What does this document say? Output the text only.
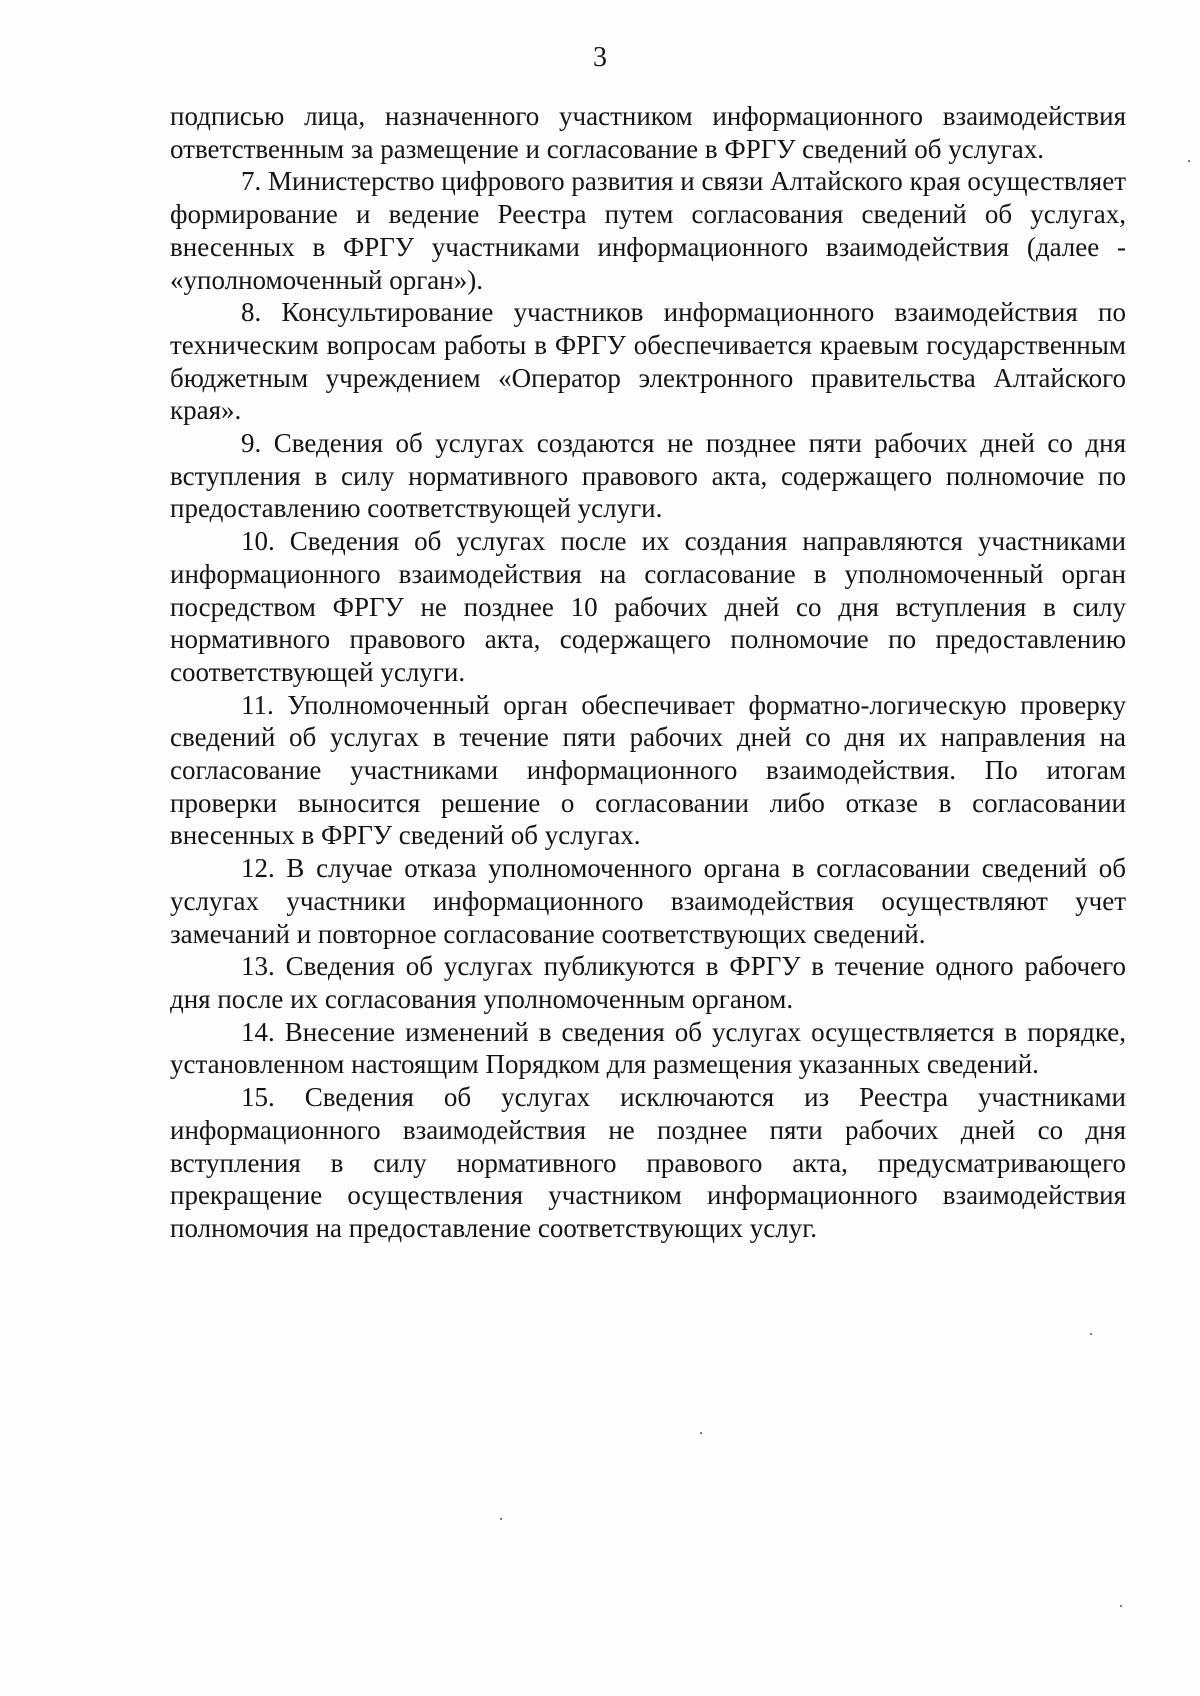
3

подписью лица, назначенного участником информационного взаимодействия ответственным за размещение и согласование в ФРГУ сведений об услугах.

7. Министерство цифрового развития и связи Алтайского края осуществляет формирование и ведение Реестра путем согласования сведений об услугах, внесенных в ФРГУ участниками информационного взаимодействия (далее - «уполномоченный орган»).

8. Консультирование участников информационного взаимодействия по техническим вопросам работы в ФРГУ обеспечивается краевым государственным бюджетным учреждением «Оператор электронного правительства Алтайского края».

9. Сведения об услугах создаются не позднее пяти рабочих дней со дня вступления в силу нормативного правового акта, содержащего полномочие по предоставлению соответствующей услуги.

10. Сведения об услугах после их создания направляются участниками информационного взаимодействия на согласование в уполномоченный орган посредством ФРГУ не позднее 10 рабочих дней со дня вступления в силу нормативного правового акта, содержащего полномочие по предоставлению соответствующей услуги.

11. Уполномоченный орган обеспечивает форматно-логическую проверку сведений об услугах в течение пяти рабочих дней со дня их направления на согласование участниками информационного взаимодействия. По итогам проверки выносится решение о согласовании либо отказе в согласовании внесенных в ФРГУ сведений об услугах.

12. В случае отказа уполномоченного органа в согласовании сведений об услугах участники информационного взаимодействия осуществляют учет замечаний и повторное согласование соответствующих сведений.

13. Сведения об услугах публикуются в ФРГУ в течение одного рабочего дня после их согласования уполномоченным органом.

14. Внесение изменений в сведения об услугах осуществляется в порядке, установленном настоящим Порядком для размещения указанных сведений.

15. Сведения об услугах исключаются из Реестра участниками информационного взаимодействия не позднее пяти рабочих дней со дня вступления в силу нормативного правового акта, предусматривающего прекращение осуществления участником информационного взаимодействия полномочия на предоставление соответствующих услуг.
